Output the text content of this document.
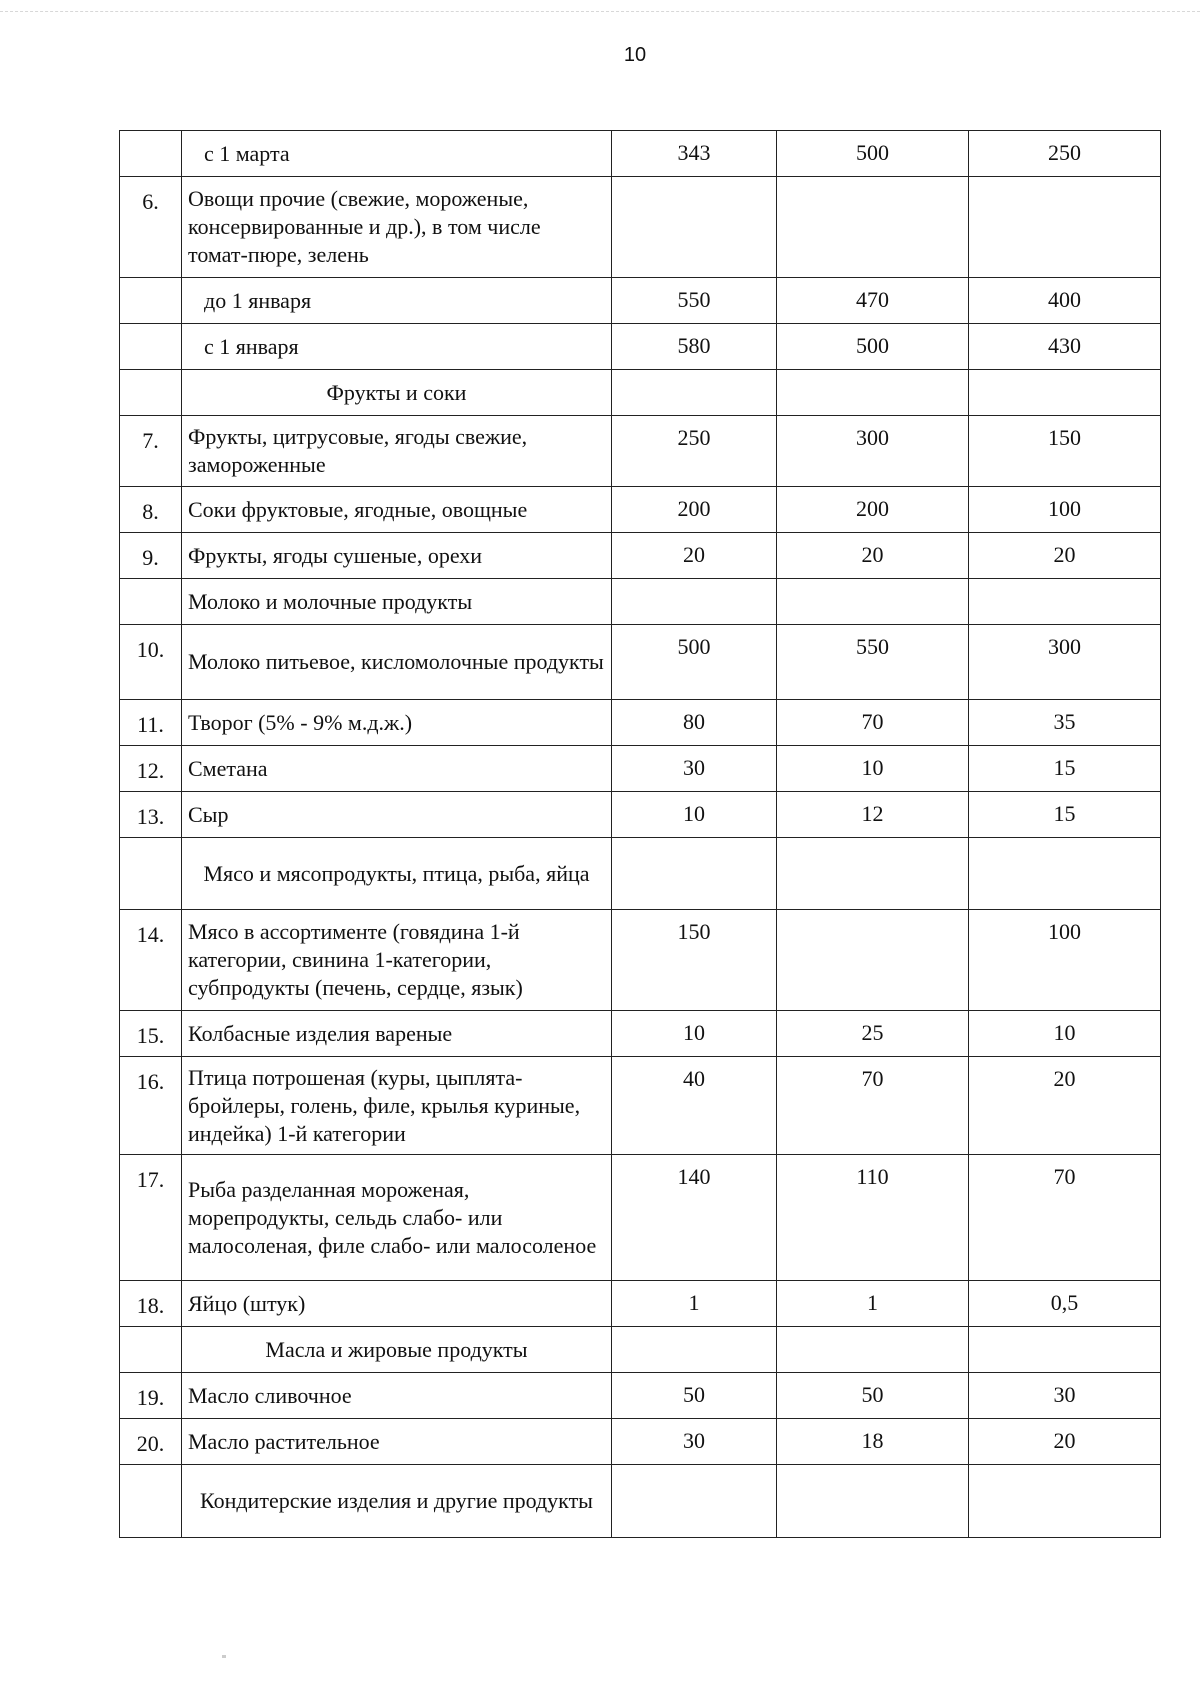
10
	с 1 марта	343	500	250
6.	Овощи прочие (свежие, мороженые, консервированные и др.), в том числе томат-пюре, зелень			
	до 1 января	550	470	400
	с 1 января	580	500	430
	Фрукты и соки			
7.	Фрукты, цитрусовые, ягоды свежие, замороженные	250	300	150
8.	Соки фруктовые, ягодные, овощные	200	200	100
9.	Фрукты, ягоды сушеные, орехи	20	20	20
	Молоко и молочные продукты			
10.	Молоко питьевое, кисломолочные продукты	500	550	300
11.	Творог (5% - 9% м.д.ж.)	80	70	35
12.	Сметана	30	10	15
13.	Сыр	10	12	15
	Мясо и мясопродукты, птица, рыба, яйца			
14.	Мясо в ассортименте (говядина 1-й категории, свинина 1-категории, субпродукты (печень, сердце, язык)	150		100
15.	Колбасные изделия вареные	10	25	10
16.	Птица потрошеная (куры, цыплята-бройлеры, голень, филе, крылья куриные, индейка) 1-й категории	40	70	20
17.	Рыба разделанная мороженая, морепродукты, сельдь слабо- или малосоленая, филе слабо- или малосоленое	140	110	70
18.	Яйцо (штук)	1	1	0,5
	Масла и жировые продукты			
19.	Масло сливочное	50	50	30
20.	Масло растительное	30	18	20
	Кондитерские изделия и другие продукты			
